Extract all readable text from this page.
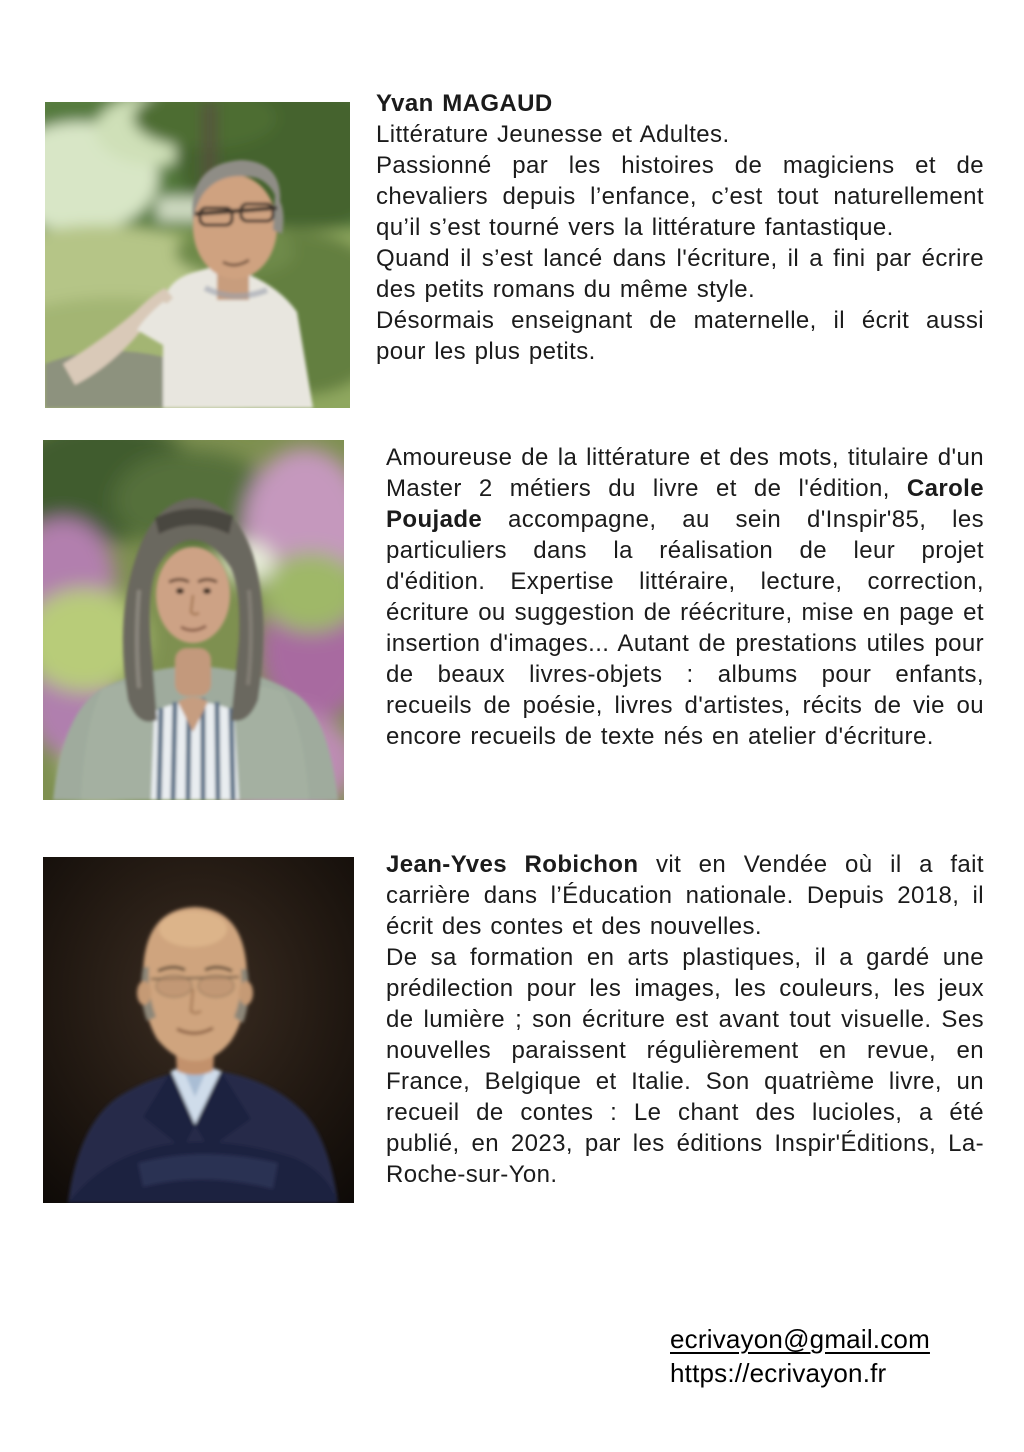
Yvan MAGAUD

Littérature Jeunesse et Adultes.

Passionné par les histoires de magiciens et de chevaliers depuis l’enfance, c’est tout naturellement qu’il s’est tourné vers la littérature fantastique.

Quand il s’est lancé dans l'écriture, il a fini par écrire des petits romans du même style.

Désormais enseignant de maternelle, il écrit aussi pour les plus petits.

Amoureuse de la littérature et des mots, titulaire d'un Master 2 métiers du livre et de l'édition, Carole Poujade accompagne, au sein d'Inspir'85, les particuliers dans la réalisation de leur projet d'édition. Expertise littéraire, lecture, correction, écriture ou suggestion de réécriture, mise en page et insertion d'images... Autant de prestations utiles pour de beaux livres-objets : albums pour enfants, recueils de poésie, livres d'artistes, récits de vie ou encore recueils de texte nés en atelier d'écriture.

Jean-Yves Robichon vit en Vendée où il a fait carrière dans l’Éducation nationale. Depuis 2018, il écrit des contes et des nouvelles.

De sa formation en arts plastiques, il a gardé une prédilection pour les images, les couleurs, les jeux de lumière ; son écriture est avant tout visuelle. Ses nouvelles paraissent régulièrement en revue, en France, Belgique et Italie. Son quatrième livre, un recueil de contes : Le chant des lucioles, a été publié, en 2023, par les éditions Inspir'Éditions, La-Roche-sur-Yon.

ecrivayon@gmail.com
https://ecrivayon.fr
